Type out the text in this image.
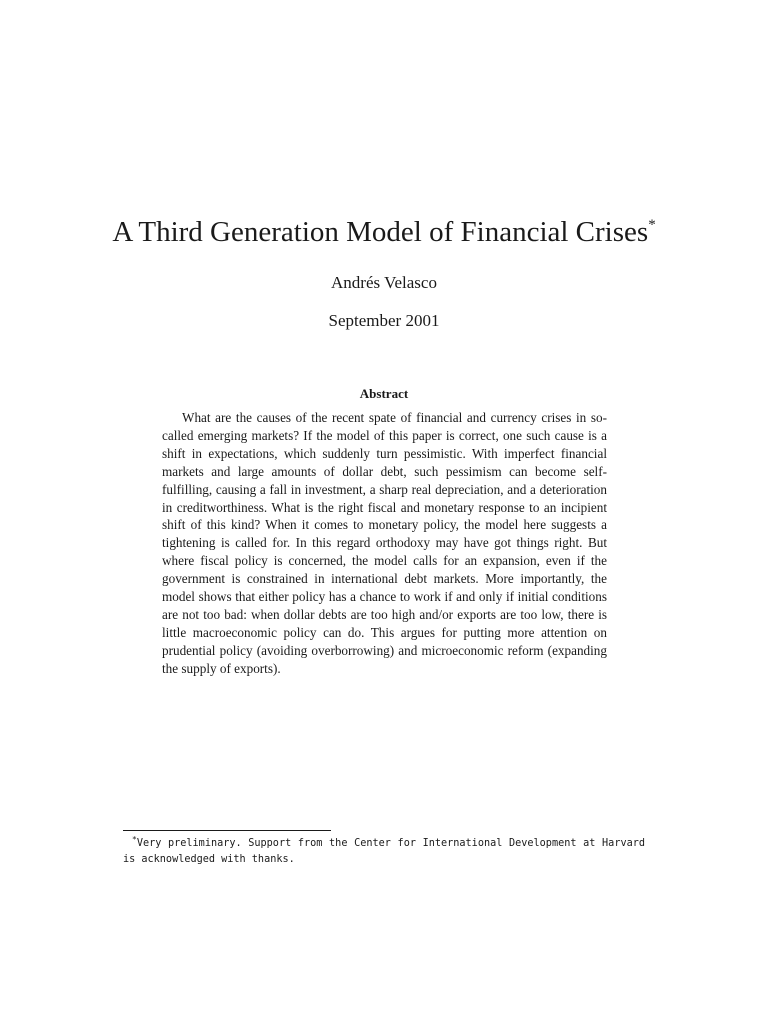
A Third Generation Model of Financial Crises*
Andrés Velasco
September 2001
Abstract

What are the causes of the recent spate of financial and currency crises in so-called emerging markets? If the model of this paper is correct, one such cause is a shift in expectations, which suddenly turn pessimistic. With imperfect financial markets and large amounts of dollar debt, such pessimism can become self-fulfilling, causing a fall in investment, a sharp real depreciation, and a deterioration in creditworthiness. What is the right fiscal and monetary response to an incipient shift of this kind? When it comes to monetary policy, the model here suggests a tightening is called for. In this regard orthodoxy may have got things right. But where fiscal policy is concerned, the model calls for an expansion, even if the government is constrained in international debt markets. More importantly, the model shows that either policy has a chance to work if and only if initial conditions are not too bad: when dollar debts are too high and/or exports are too low, there is little macroeconomic policy can do. This argues for putting more attention on prudential policy (avoiding overborrowing) and microeconomic reform (expanding the supply of exports).

*Very preliminary. Support from the Center for International Development at Harvard is acknowledged with thanks.
